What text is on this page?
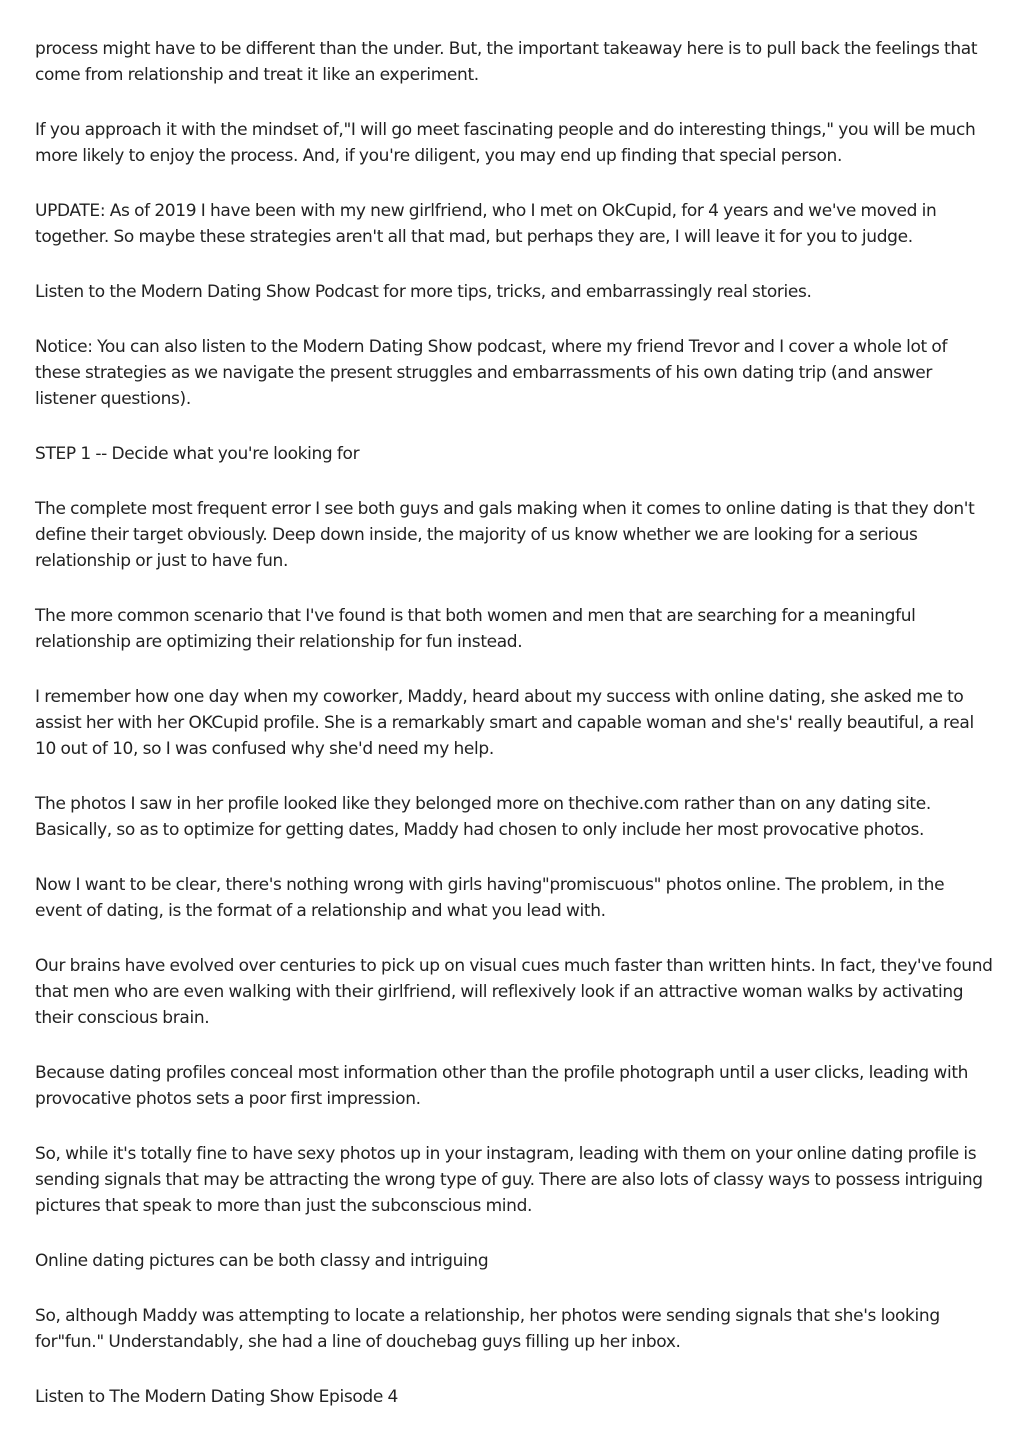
process might have to be different than the under. But, the important takeaway here is to pull back the feelings that come from relationship and treat it like an experiment.

If you approach it with the mindset of,"I will go meet fascinating people and do interesting things," you will be much more likely to enjoy the process. And, if you're diligent, you may end up finding that special person.

UPDATE: As of 2019 I have been with my new girlfriend, who I met on OkCupid, for 4 years and we've moved in together. So maybe these strategies aren't all that mad, but perhaps they are, I will leave it for you to judge.

Listen to the Modern Dating Show Podcast for more tips, tricks, and embarrassingly real stories.

Notice: You can also listen to the Modern Dating Show podcast, where my friend Trevor and I cover a whole lot of these strategies as we navigate the present struggles and embarrassments of his own dating trip (and answer listener questions).

STEP 1 -- Decide what you're looking for

The complete most frequent error I see both guys and gals making when it comes to online dating is that they don't define their target obviously. Deep down inside, the majority of us know whether we are looking for a serious relationship or just to have fun.

The more common scenario that I've found is that both women and men that are searching for a meaningful relationship are optimizing their relationship for fun instead.

I remember how one day when my coworker, Maddy, heard about my success with online dating, she asked me to assist her with her OKCupid profile. She is a remarkably smart and capable woman and she's' really beautiful, a real 10 out of 10, so I was confused why she'd need my help.

The photos I saw in her profile looked like they belonged more on thechive.com rather than on any dating site. Basically, so as to optimize for getting dates, Maddy had chosen to only include her most provocative photos.

Now I want to be clear, there's nothing wrong with girls having"promiscuous" photos online. The problem, in the event of dating, is the format of a relationship and what you lead with.

Our brains have evolved over centuries to pick up on visual cues much faster than written hints. In fact, they've found that men who are even walking with their girlfriend, will reflexively look if an attractive woman walks by activating their conscious brain.

Because dating profiles conceal most information other than the profile photograph until a user clicks, leading with provocative photos sets a poor first impression.

So, while it's totally fine to have sexy photos up in your instagram, leading with them on your online dating profile is sending signals that may be attracting the wrong type of guy. There are also lots of classy ways to possess intriguing pictures that speak to more than just the subconscious mind.

Online dating pictures can be both classy and intriguing

So, although Maddy was attempting to locate a relationship, her photos were sending signals that she's looking for"fun." Understandably, she had a line of douchebag guys filling up her inbox.

Listen to The Modern Dating Show Episode 4
